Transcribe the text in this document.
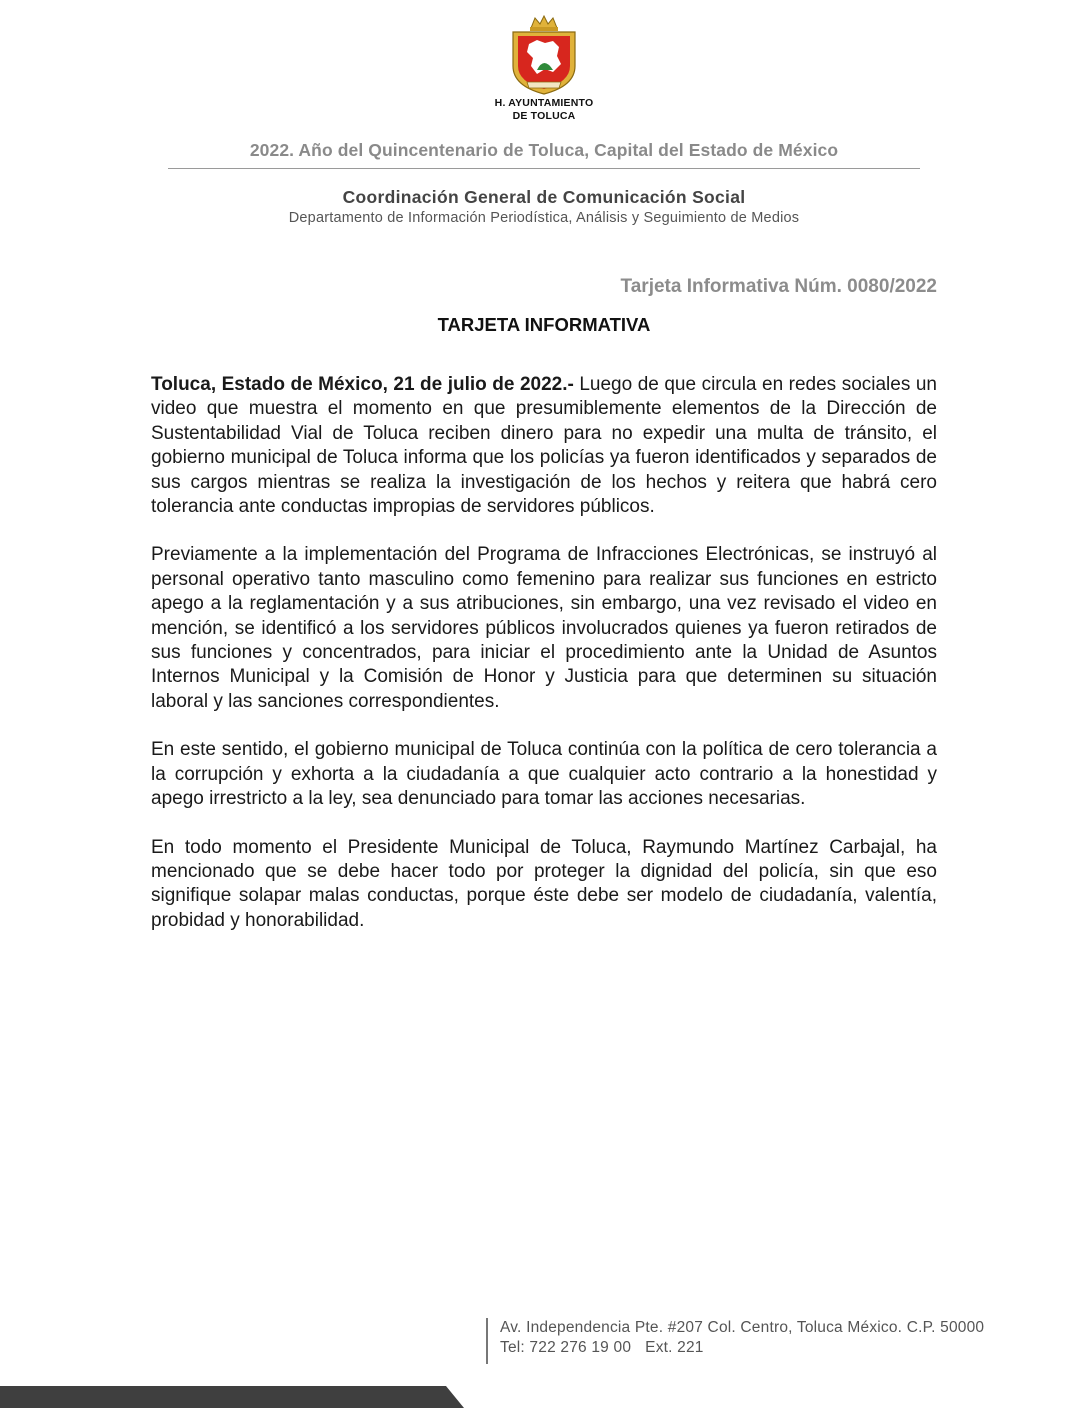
H. AYUNTAMIENTO
DE TOLUCA
2022. Año del Quincentenario de Toluca, Capital del Estado de México
Coordinación General de Comunicación Social
Departamento de Información Periodística, Análisis y Seguimiento de Medios
Tarjeta Informativa Núm. 0080/2022
TARJETA INFORMATIVA

Toluca, Estado de México, 21 de julio de 2022.- Luego de que circula en redes sociales un video que muestra el momento en que presumiblemente elementos de la Dirección de Sustentabilidad Vial de Toluca reciben dinero para no expedir una multa de tránsito, el gobierno municipal de Toluca informa que los policías ya fueron identificados y separados de sus cargos mientras se realiza la investigación de los hechos y reitera que habrá cero tolerancia ante conductas impropias de servidores públicos.

Previamente a la implementación del Programa de Infracciones Electrónicas, se instruyó al personal operativo tanto masculino como femenino para realizar sus funciones en estricto apego a la reglamentación y a sus atribuciones, sin embargo, una vez revisado el video en mención, se identificó a los servidores públicos involucrados quienes ya fueron retirados de sus funciones y concentrados, para iniciar el procedimiento ante la Unidad de Asuntos Internos Municipal y la Comisión de Honor y Justicia para que determinen su situación laboral y las sanciones correspondientes.

En este sentido, el gobierno municipal de Toluca continúa con la política de cero tolerancia a la corrupción y exhorta a la ciudadanía a que cualquier acto contrario a la honestidad y apego irrestricto a la ley, sea denunciado para tomar las acciones necesarias.

En todo momento el Presidente Municipal de Toluca, Raymundo Martínez Carbajal, ha mencionado que se debe hacer todo por proteger la dignidad del policía, sin que eso signifique solapar malas conductas, porque éste debe ser modelo de ciudadanía, valentía, probidad y honorabilidad.

Av. Independencia Pte. #207 Col. Centro, Toluca México. C.P. 50000
Tel: 722 276 19 00 Ext. 221
